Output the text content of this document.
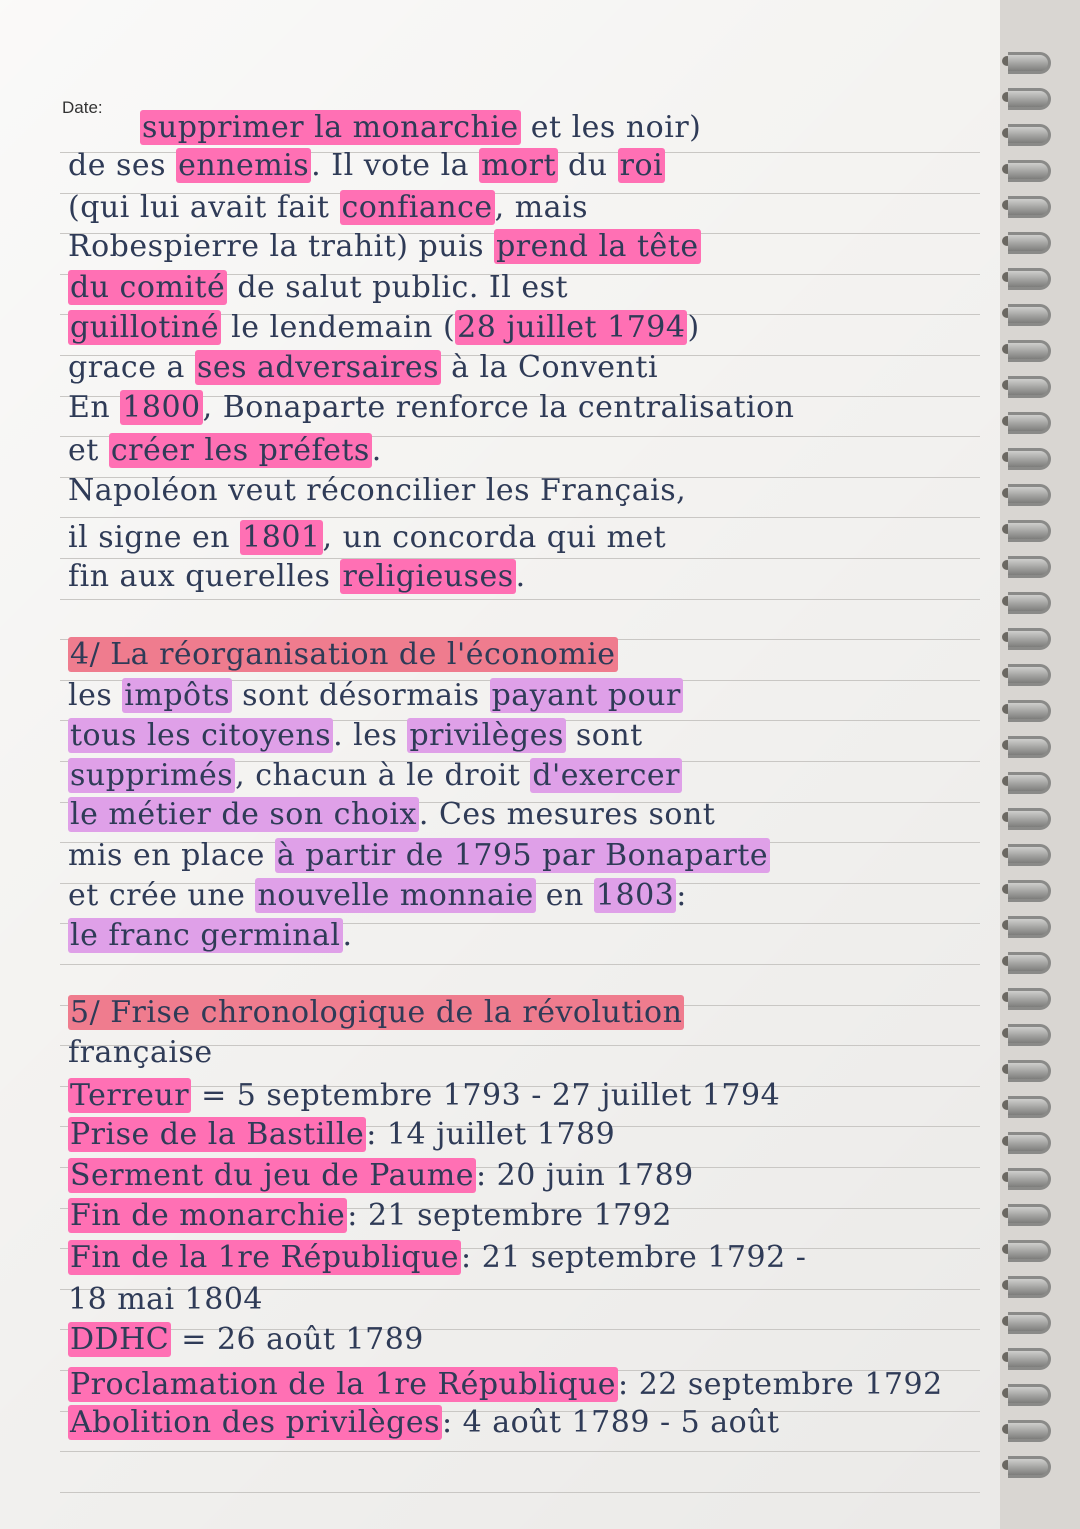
Date:
supprimer la monarchie et les noir)
de ses ennemis. Il vote la mort du roi
(qui lui avait fait confiance, mais
Robespierre la trahit) puis prend la tête
du comité de salut public. Il est
guillotiné le lendemain (28 juillet 1794)
grace a ses adversaires à la Conventi
En 1800, Bonaparte renforce la centralisation
et créer les préfets.
Napoléon veut réconcilier les Français,
il signe en 1801, un concorda qui met
fin aux querelles religieuses.
4/ La réorganisation de l'économie
les impôts sont désormais payant pour
tous les citoyens. les privilèges sont
supprimés, chacun à le droit d'exercer
le métier de son choix. Ces mesures sont
mis en place à partir de 1795 par Bonaparte
et crée une nouvelle monnaie en 1803:
le franc germinal.
5/ Frise chronologique de la révolution
française
Terreur = 5 septembre 1793 - 27 juillet 1794
Prise de la Bastille: 14 juillet 1789
Serment du jeu de Paume: 20 juin 1789
Fin de monarchie: 21 septembre 1792
Fin de la 1re République: 21 septembre 1792 -
18 mai 1804
DDHC = 26 août 1789
Proclamation de la 1re République: 22 septembre 1792
Abolition des privilèges: 4 août 1789 - 5 août
